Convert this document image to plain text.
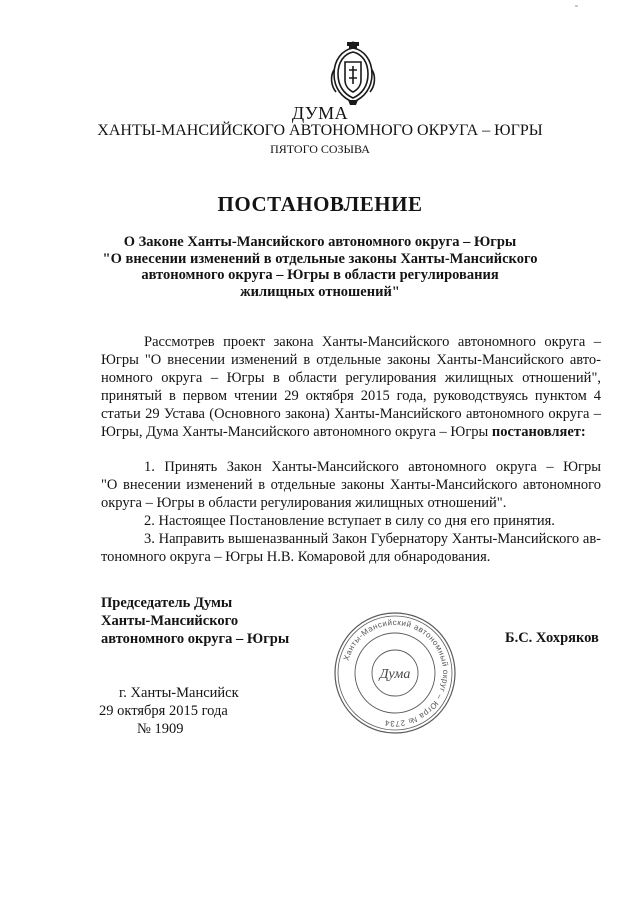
ДУМА
ХАНТЫ-МАНСИЙСКОГО АВТОНОМНОГО ОКРУГА – ЮГРЫ
ПЯТОГО СОЗЫВА
ПОСТАНОВЛЕНИЕ
О Законе Ханты-Мансийского автономного округа – Югры
"О внесении изменений в отдельные законы Ханты-Мансийского
автономного округа – Югры в области регулирования
жилищных отношений"
Рассмотрев проект закона Ханты-Мансийского автономного округа –
Югры "О внесении изменений в отдельные законы Ханты-Мансийского авто-
номного округа – Югры в области регулирования жилищных отношений",
принятый в первом чтении 29 октября 2015 года, руководствуясь пунктом 4
статьи 29 Устава (Основного закона) Ханты-Мансийского автономного округа –
Югры, Дума Ханты-Мансийского автономного округа – Югры постановляет:
1. Принять Закон Ханты-Мансийского автономного округа – Югры
"О внесении изменений в отдельные законы Ханты-Мансийского автономного
округа – Югры в области регулирования жилищных отношений".
2. Настоящее Постановление вступает в силу со дня его принятия.
3. Направить вышеназванный Закон Губернатору Ханты-Мансийского ав-
тономного округа – Югры Н.В. Комаровой для обнародования.
Председатель Думы
Ханты-Мансийского
автономного округа – Югры
Ханты-Мансийский автономный округ – Югра № 2734
Дума
Б.С. Хохряков
г. Ханты-Мансийск
29 октября 2015 года
№ 1909
